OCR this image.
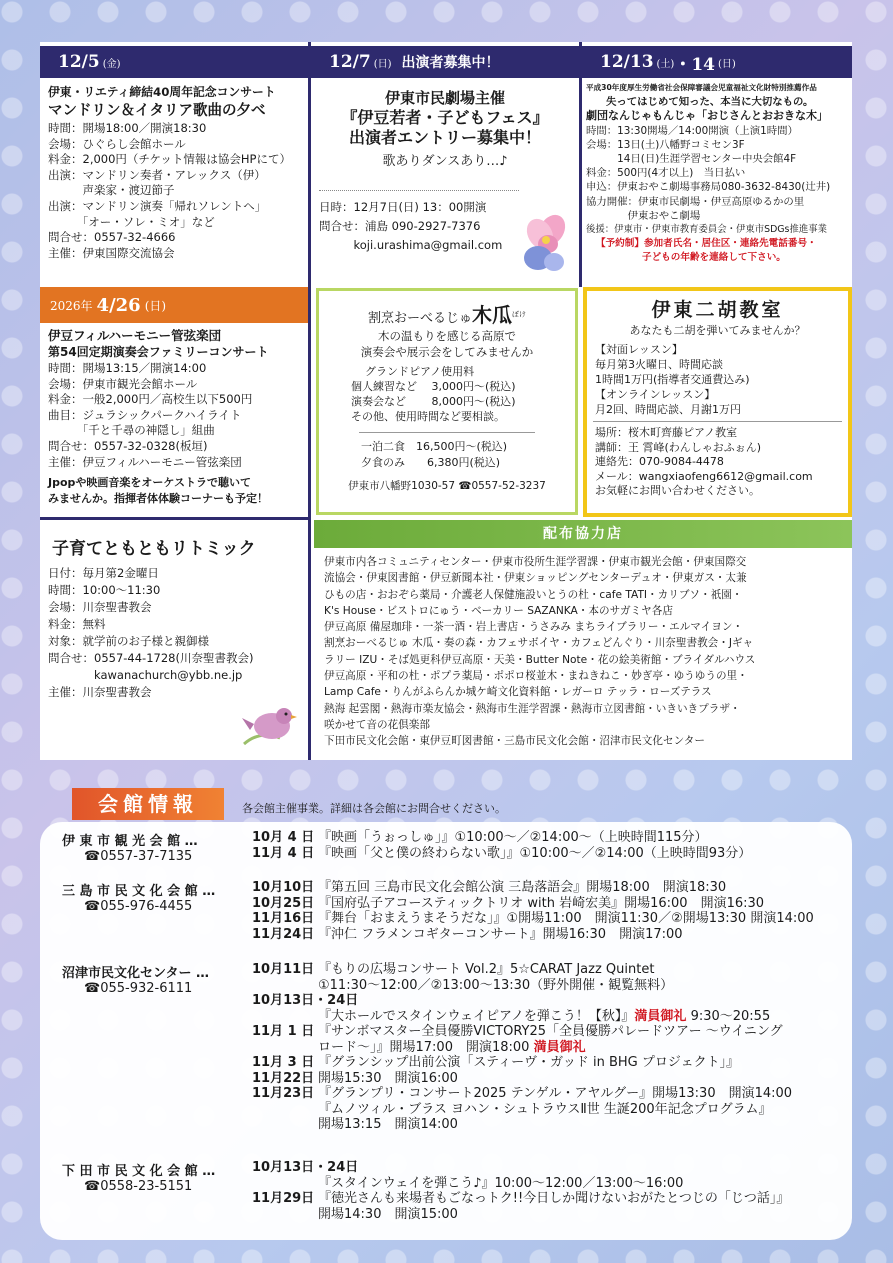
12/5 (金)
伊東・リエティ締結40周年記念コンサート
マンドリン＆イタリア歌曲の夕べ
時間：開場18:00／開演18:30
会場：ひぐらし会館ホール
料金：2,000円（チケット情報は協会HPにて）
出演：マンドリン奏者・アレックス（伊）
　　　声楽家・渡辺節子
出演：マンドリン演奏「帰れソレントへ」
　　　「オー・ソレ・ミオ」など
問合せ：0557-32-4666
主催：伊東国際交流協会
12/7 (日) 出演者募集中！
伊東市民劇場主催
『伊豆若者・子どもフェス』
出演者エントリー募集中！
歌ありダンスあり…♪
日時：12月7日(日) 13：00開演
問合せ：浦島 090-2927-7376
　　　koji.urashima@gmail.com
12/13 (土) ・14 (日)
平成30年度厚生労働省社会保障審議会児童福祉文化財特別推薦作品
失ってはじめて知った、本当に大切なもの。
劇団なんじゃもんじゃ「おじさんとおおきな木」
時間：13:30開場／14:00開演（上演1時間）
会場：13日(土)八幡野コミセン3F
　　　14日(日)生涯学習センター中央会館4F
料金：500円(4才以上)　当日払い
申込：伊東おやこ劇場事務局080-3632-8430(辻井)
協力開催：伊東市民劇場・伊豆高原ゆるかの里
　　　　伊東おやこ劇場
後援：伊東市・伊東市教育委員会・伊東市SDGs推進事業
【予約制】参加者氏名・居住区・連絡先電話番号・
子どもの年齢を連絡して下さい。
2026年 4/26 (日)
伊豆フィルハーモニー管弦楽団
第54回定期演奏会ファミリーコンサート
時間：開場13:15／開演14:00
会場：伊東市観光会館ホール
料金：一般2,000円／高校生以下500円
曲目：ジュラシックパークハイライト
　　　「千と千尋の神隠し」組曲
問合せ：0557-32-0328(板垣)
主催：伊豆フィルハーモニー管弦楽団
Jpopや映画音楽をオーケストラで聴いて
みませんか。指揮者体体験コーナーも予定！
割烹おーべるじゅ木瓜$^{ぼけ}$
木の温もりを感じる高原で
演奏会や展示会をしてみませんか
グランドピアノ使用料
個人練習など　 3,000円～(税込)
演奏会など　　 8,000円～(税込)
その他、使用時間など要相談。
一泊二食　16,500円～(税込)
夕食のみ　　6,380円(税込)
伊東市八幡野1030-57 ☎0557-52-3237
伊東二胡教室
あなたも二胡を弾いてみませんか？
【対面レッスン】
毎月第3火曜日、時間応談
1時間1万円(指導者交通費込み)
【オンラインレッスン】
月2回、時間応談、月謝1万円
場所：桜木町齊藤ピアノ教室
講師：王 霄峰(わんしゃおふぉん)
連絡先：070-9084-4478
メール：wangxiaofeng6612@gmail.com
お気軽にお問い合わせください。
子育てともともリトミック
日付：毎月第2金曜日
時間：10:00～11:30
会場：川奈聖書教会
料金：無料
対象：就学前のお子様と親御様
問合せ：0557-44-1728(川奈聖書教会)
　　　　kawanachurch@ybb.ne.jp
主催：川奈聖書教会
配布協力店
伊東市内各コミュニティセンター・伊東市役所生涯学習課・伊東市観光会館・伊東国際交
流協会・伊東図書館・伊豆新聞本社・伊東ショッピングセンターデュオ・伊東ガス・太兼
ひもの店・おおぞら薬局・介護老人保健施設いとうの杜・cafe TATI・カリブソ・祇園・
K's House・ビストロにゅう・ベーカリー SAZANKA・本のサガミヤ各店
伊豆高原 備屋珈琲・一茶一酒・岩上書店・うさみみ まちライブラリー・エルマイヨン・
割烹おーべるじゅ 木瓜・奏の森・カフェサボイヤ・カフェどんぐり・川奈聖書教会・Jギャ
ラリー IZU・そば処更科伊豆高原・天美・Butter Note・花の絵美術館・ブライダルハウス
伊豆高原・平和の杜・ポプラ薬局・ポポロ桜並木・まねきねこ・妙ぎ亭・ゆうゆうの里・
Lamp Cafe・りんがふらんか城ケ崎文化資料館・レガーロ テッラ・ローズテラス
熱海 起雲閣・熱海市楽友協会・熱海市生涯学習課・熱海市立図書館・いきいきプラザ・
咲かせて音の花倶楽部
下田市民文化会館・東伊豆町図書館・三島市民文化会館・沼津市民文化センター
会館情報	各会館主催事業。詳細は各会館にお問合せください。
伊 東 市 観 光 会 館 …
☎0557-37-7135
10月 4 日 『映画「うぉっしゅ」』①10:00～／②14:00～（上映時間115分）
11月 4 日 『映画「父と僕の終わらない歌」』①10:00～／②14:00（上映時間93分）
三 島 市 民 文 化 会 館 …
☎055-976-4455
10月10日 『第五回 三島市民文化会館公演 三島落語会』開場18:00　開演18:30
10月25日 『国府弘子アコースティックトリオ with 岩崎宏美』開場16:00　開演16:30
11月16日 『舞台「おまえうまそうだな」』①開場11:00　開演11:30／②開場13:30 開演14:00
11月24日 『沖仁 フラメンコギターコンサート』開場16:30　開演17:00
沼津市民文化センター …
☎055-932-6111
10月11日 『もりの広場コンサート Vol.2』5☆CARAT Jazz Quintet
①11:30～12:00／②13:00～13:30（野外開催・観覧無料）
10月13日・24日
『大ホールでスタインウェイピアノを弾こう！【秋】』満員御礼 9:30～20:55
11月 1 日 『サンボマスター全員優勝VICTORY25「全員優勝パレードツアー ～ウイニング
ロード～」』開場17:00　開演18:00 満員御礼
11月 3 日 『グランシップ出前公演「スティーヴ・ガッド in BHG プロジェクト」』
11月22日 開場15:30　開演16:00
11月23日 『グランプリ・コンサート2025 テンゲル・アヤルグー』開場13:30　開演14:00
『ムノツィル・ブラス ヨハン・シュトラウスⅡ世 生誕200年記念プログラム』
開場13:15　開演14:00
下 田 市 民 文 化 会 館 …
☎0558-23-5151
10月13日・24日
『スタインウェイを弾こう♪』10:00～12:00／13:00～16:00
11月29日 『徳光さんも来場者もごなっトク!!今日しか聞けないおがたとつじの「じつ話」』
開場14:30　開演15:00
